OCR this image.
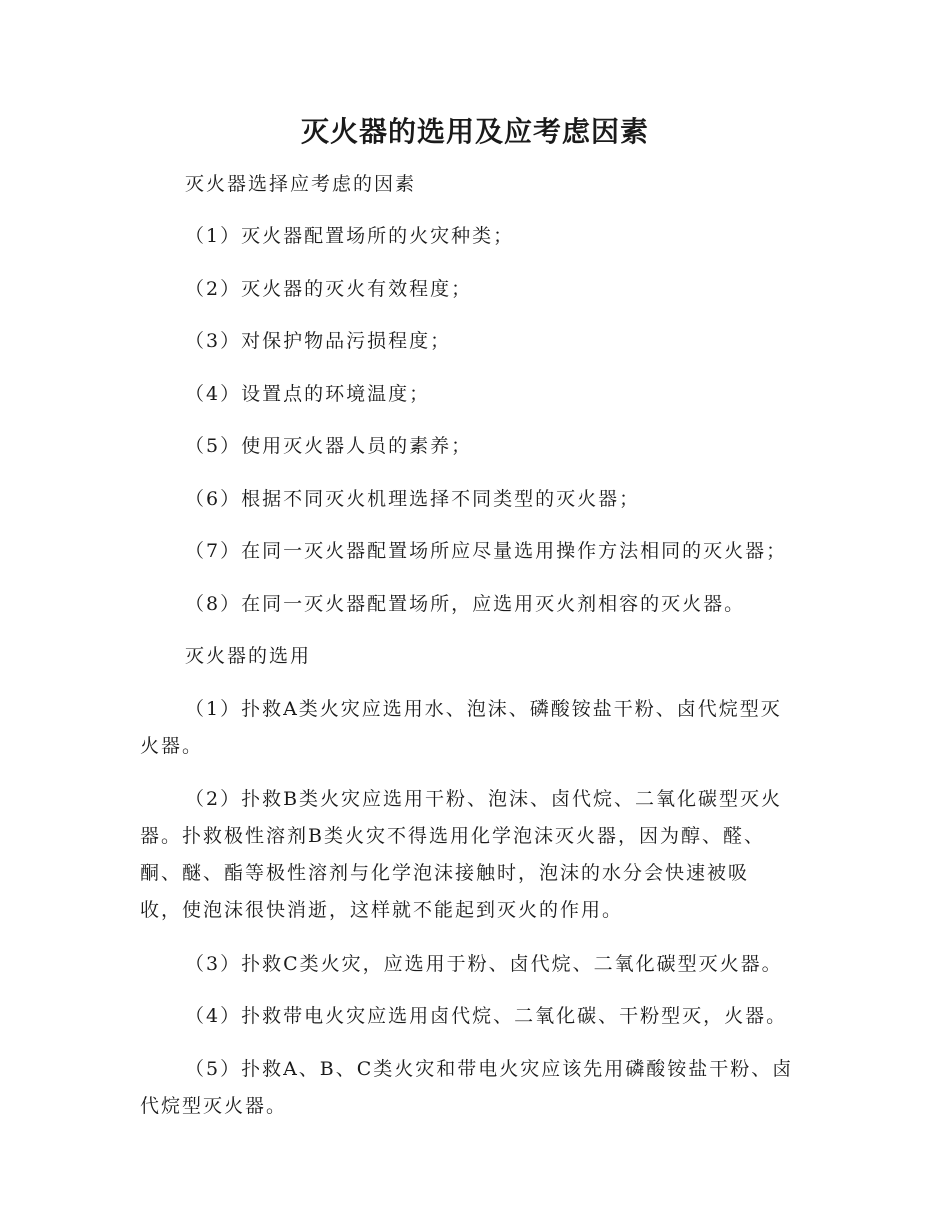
灭火器的选用及应考虑因素
灭火器选择应考虑的因素
（1）灭火器配置场所的火灾种类；
（2）灭火器的灭火有效程度；
（3）对保护物品污损程度；
（4）设置点的环境温度；
（5）使用灭火器人员的素养；
（6）根据不同灭火机理选择不同类型的灭火器；
（7）在同一灭火器配置场所应尽量选用操作方法相同的灭火器；
（8）在同一灭火器配置场所，应选用灭火剂相容的灭火器。
灭火器的选用
（1）扑救A类火灾应选用水、泡沫、磷酸铵盐干粉、卤代烷型灭
火器。
（2）扑救B类火灾应选用干粉、泡沫、卤代烷、二氧化碳型灭火
器。扑救极性溶剂B类火灾不得选用化学泡沫灭火器，因为醇、醛、
酮、醚、酯等极性溶剂与化学泡沫接触时，泡沫的水分会快速被吸
收，使泡沫很快消逝，这样就不能起到灭火的作用。
（3）扑救C类火灾，应选用于粉、卤代烷、二氧化碳型灭火器。
（4）扑救带电火灾应选用卤代烷、二氧化碳、干粉型灭，火器。
（5）扑救A、B、C类火灾和带电火灾应该先用磷酸铵盐干粉、卤
代烷型灭火器。
